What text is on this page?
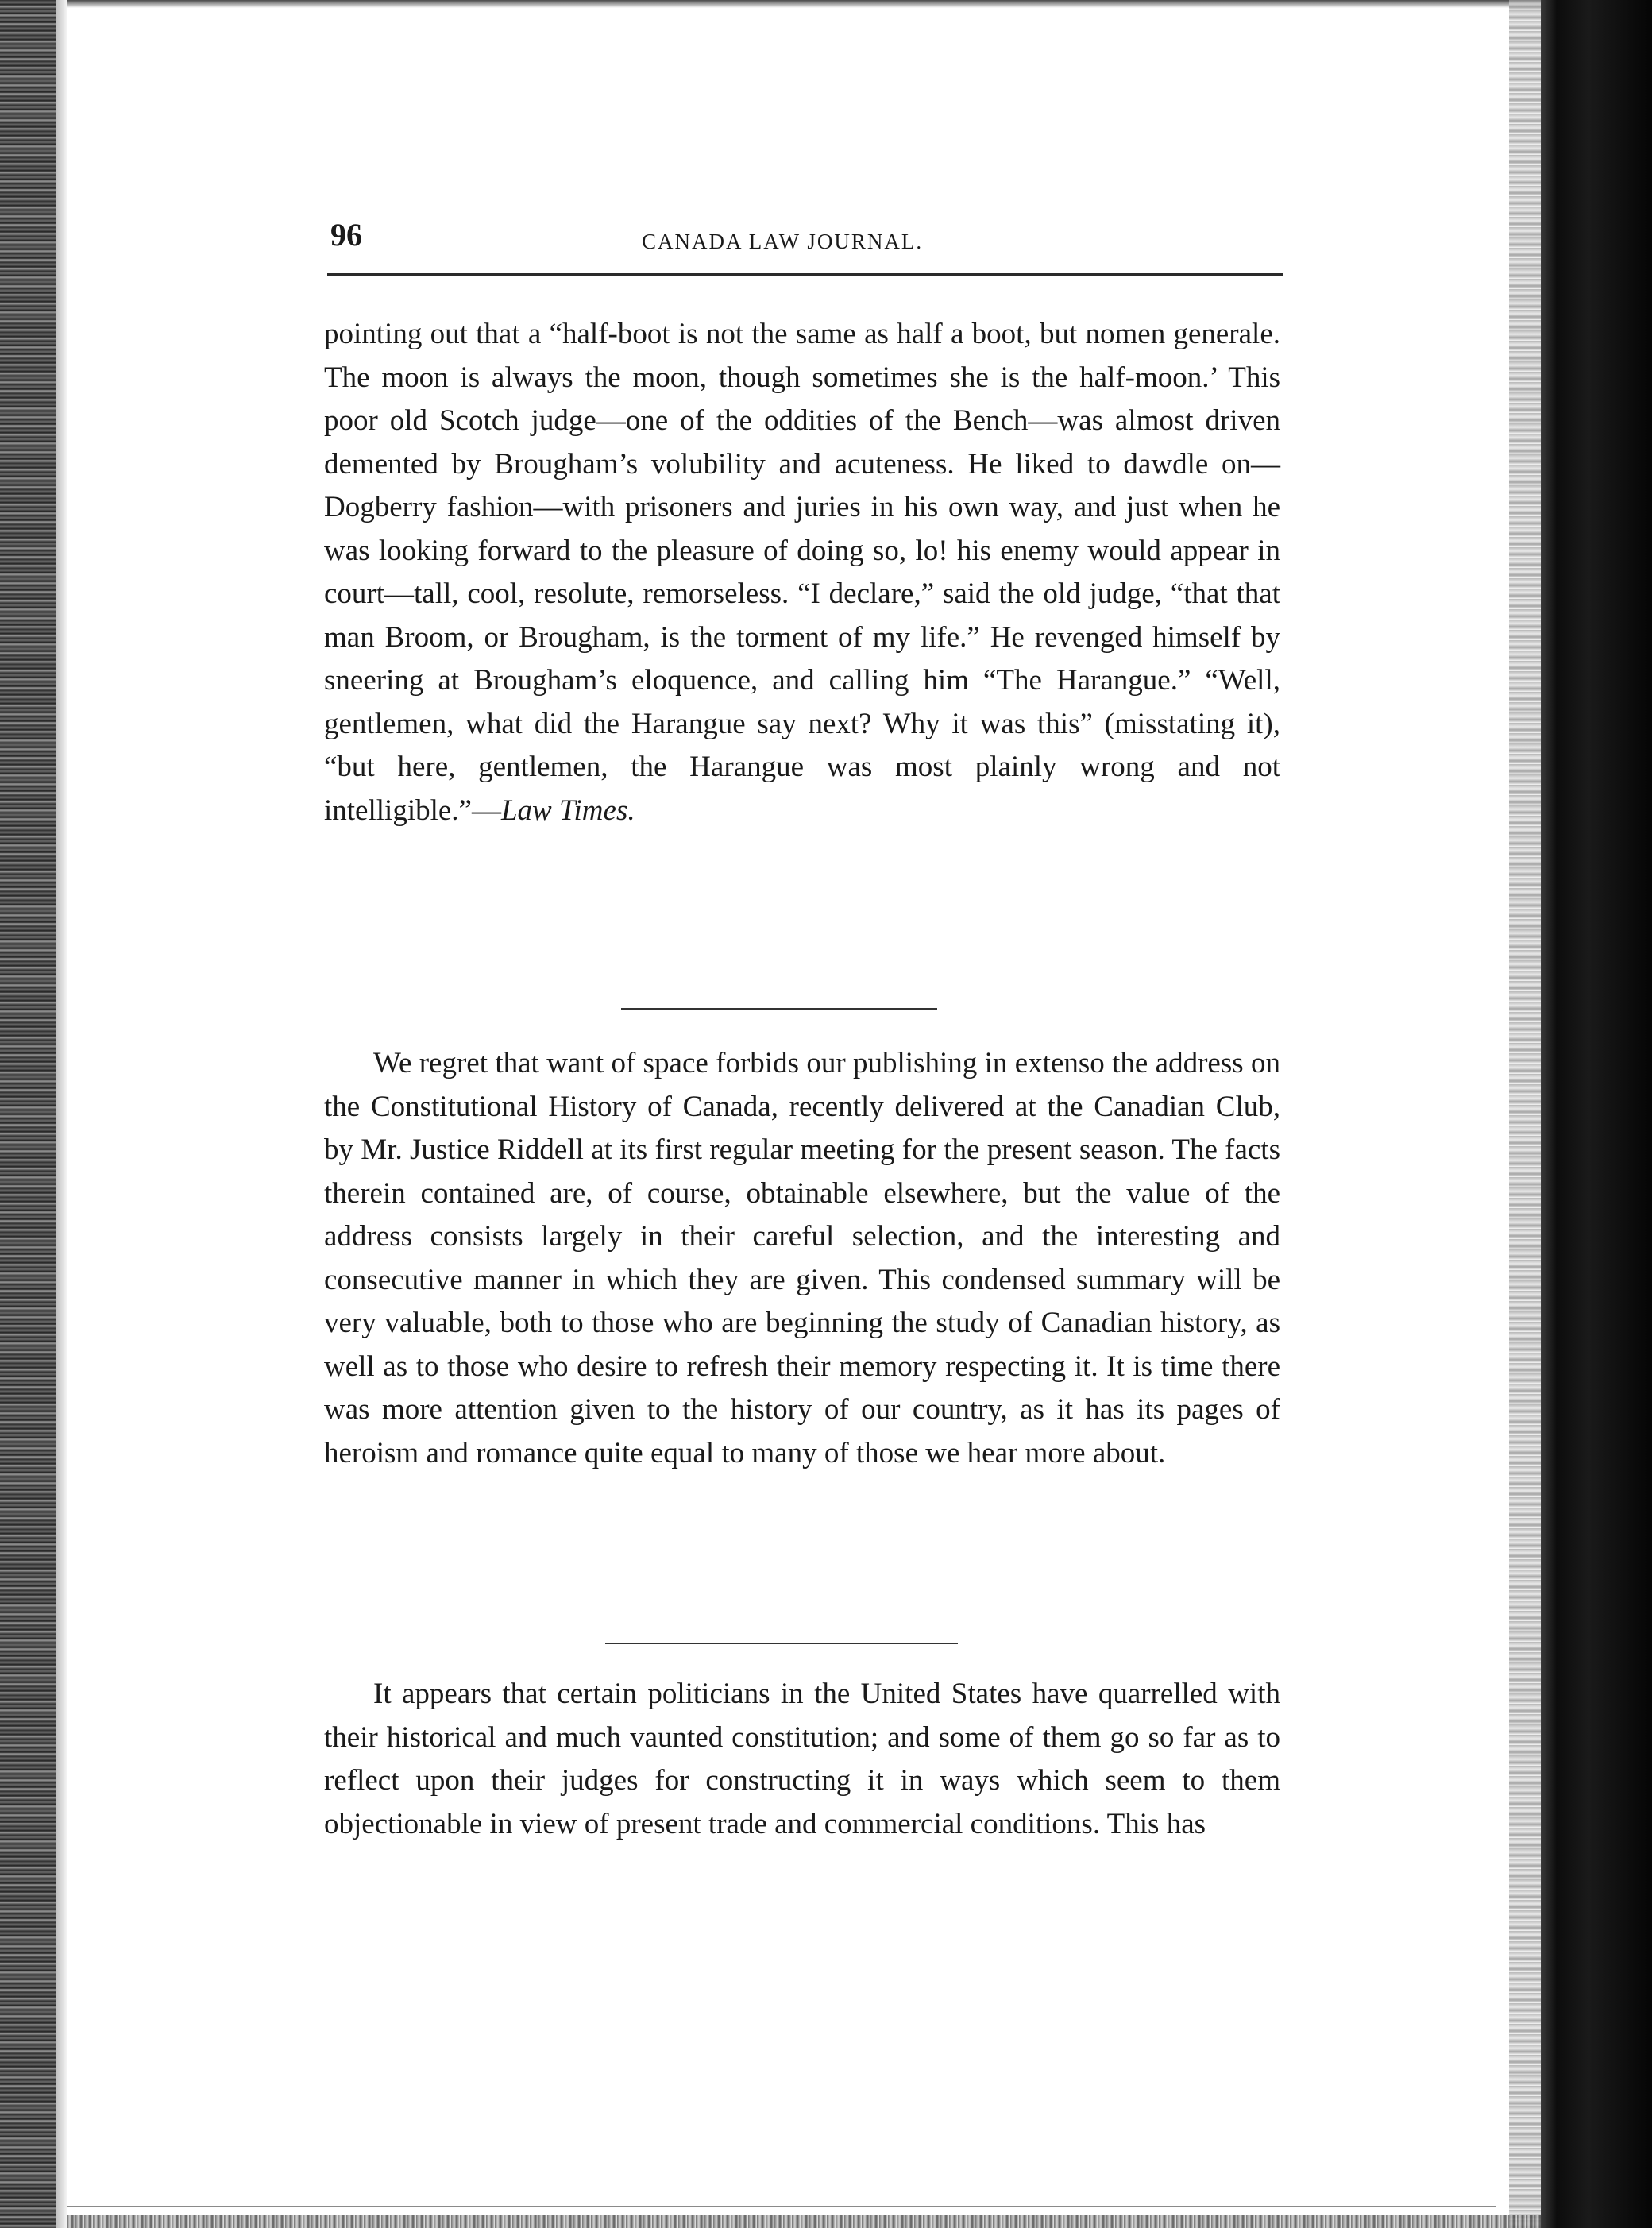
96	CANADA LAW JOURNAL.

pointing out that a “half-boot is not the same as half a boot, but nomen generale. The moon is always the moon, though sometimes she is the half-moon.’ This poor old Scotch judge—one of the oddities of the Bench—was almost driven demented by Brougham’s volubility and acuteness. He liked to dawdle on—Dogberry fashion—with prisoners and juries in his own way, and just when he was looking forward to the pleasure of doing so, lo! his enemy would appear in court—tall, cool, resolute, remorseless. “I declare,” said the old judge, “that that man Broom, or Brougham, is the torment of my life.” He revenged himself by sneering at Brougham’s eloquence, and calling him “The Harangue.” “Well, gentlemen, what did the Harangue say next? Why it was this” (misstating it), “but here, gentlemen, the Harangue was most plainly wrong and not intelligible.”—Law Times.

We regret that want of space forbids our publishing in extenso the address on the Constitutional History of Canada, recently delivered at the Canadian Club, by Mr. Justice Riddell at its first regular meeting for the present season. The facts therein contained are, of course, obtainable elsewhere, but the value of the address consists largely in their careful selection, and the interesting and consecutive manner in which they are given. This condensed summary will be very valuable, both to those who are beginning the study of Canadian history, as well as to those who desire to refresh their memory respecting it. It is time there was more attention given to the history of our country, as it has its pages of heroism and romance quite equal to many of those we hear more about.

It appears that certain politicians in the United States have quarrelled with their historical and much vaunted constitution; and some of them go so far as to reflect upon their judges for constructing it in ways which seem to them objectionable in view of present trade and commercial conditions. This has
